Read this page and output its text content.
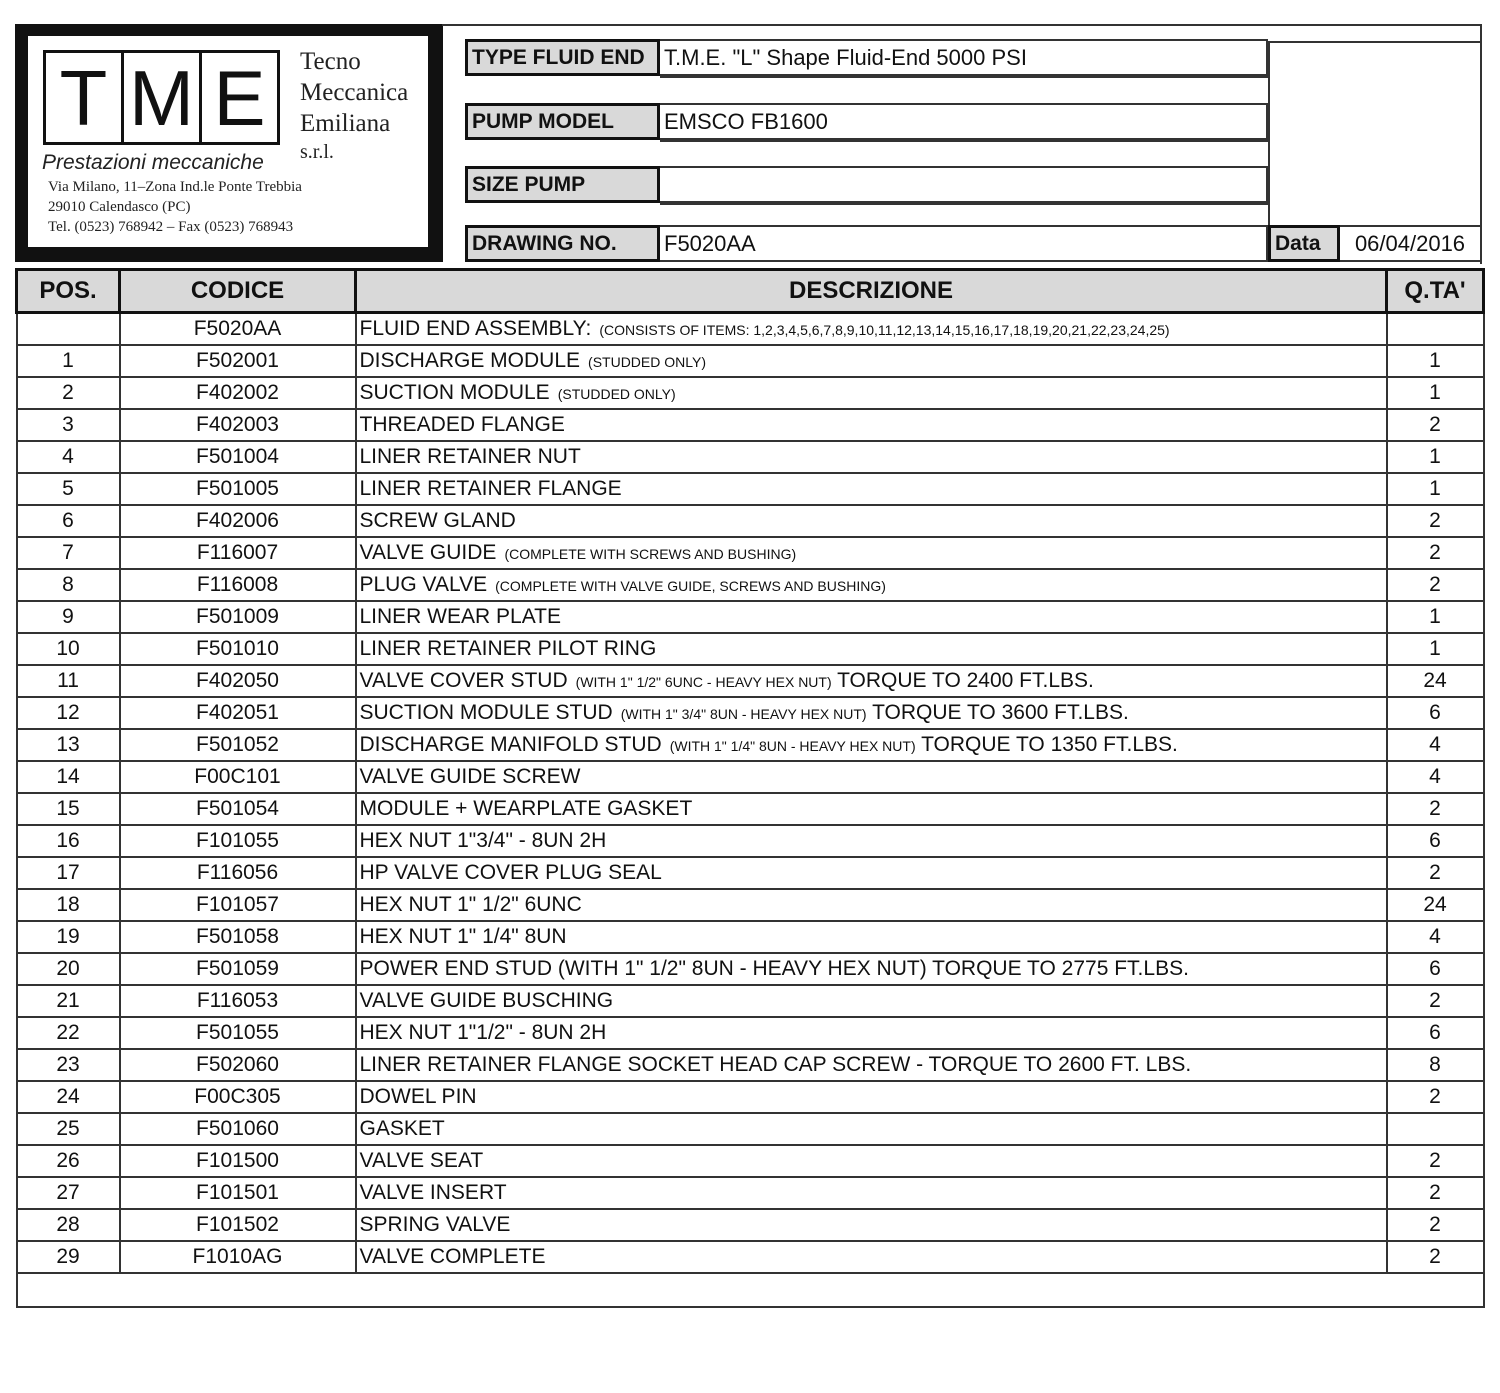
T M E	Tecno
Meccanica
Emiliana
s.r.l.
Prestazioni meccaniche
Via Milano, 11–Zona Ind.le Ponte Trebbia
29010 Calendasco (PC)
Tel. (0523) 768942 – Fax (0523) 768943
TYPE FLUID END T.M.E. "L" Shape Fluid-End 5000 PSI
PUMP MODEL	EMSCO FB1600
SIZE PUMP
DRAWING NO.	F5020AA	Data	06/04/2016
POS.	CODICE	DESCRIZIONE	Q.TA'
	F5020AA	FLUID END ASSEMBLY: (CONSISTS OF ITEMS: 1,2,3,4,5,6,7,8,9,10,11,12,13,14,15,16,17,18,19,20,21,22,23,24,25)	
1	F502001	DISCHARGE MODULE (STUDDED ONLY)	1
2	F402002	SUCTION MODULE (STUDDED ONLY)	1
3	F402003	THREADED FLANGE	2
4	F501004	LINER RETAINER NUT	1
5	F501005	LINER RETAINER FLANGE	1
6	F402006	SCREW GLAND	2
7	F116007	VALVE GUIDE (COMPLETE WITH SCREWS AND BUSHING)	2
8	F116008	PLUG VALVE (COMPLETE WITH VALVE GUIDE, SCREWS AND BUSHING)	2
9	F501009	LINER WEAR PLATE	1
10	F501010	LINER RETAINER PILOT RING	1
11	F402050	VALVE COVER STUD (WITH 1" 1/2" 6UNC - HEAVY HEX NUT) TORQUE TO 2400 FT.LBS.	24
12	F402051	SUCTION MODULE STUD (WITH 1" 3/4" 8UN - HEAVY HEX NUT) TORQUE TO 3600 FT.LBS.	6
13	F501052	DISCHARGE MANIFOLD STUD (WITH 1" 1/4" 8UN - HEAVY HEX NUT) TORQUE TO 1350 FT.LBS.	4
14	F00C101	VALVE GUIDE SCREW	4
15	F501054	MODULE + WEARPLATE GASKET	2
16	F101055	HEX NUT 1"3/4" - 8UN 2H	6
17	F116056	HP VALVE COVER PLUG SEAL	2
18	F101057	HEX NUT 1" 1/2" 6UNC	24
19	F501058	HEX NUT 1" 1/4" 8UN	4
20	F501059	POWER END STUD (WITH 1" 1/2" 8UN - HEAVY HEX NUT) TORQUE TO 2775 FT.LBS.	6
21	F116053	VALVE GUIDE BUSCHING	2
22	F501055	HEX NUT 1"1/2" - 8UN 2H	6
23	F502060	LINER RETAINER FLANGE SOCKET HEAD CAP SCREW - TORQUE TO 2600 FT. LBS.	8
24	F00C305	DOWEL PIN	2
25	F501060	GASKET	
26	F101500	VALVE SEAT	2
27	F101501	VALVE INSERT	2
28	F101502	SPRING VALVE	2
29	F1010AG	VALVE COMPLETE	2
